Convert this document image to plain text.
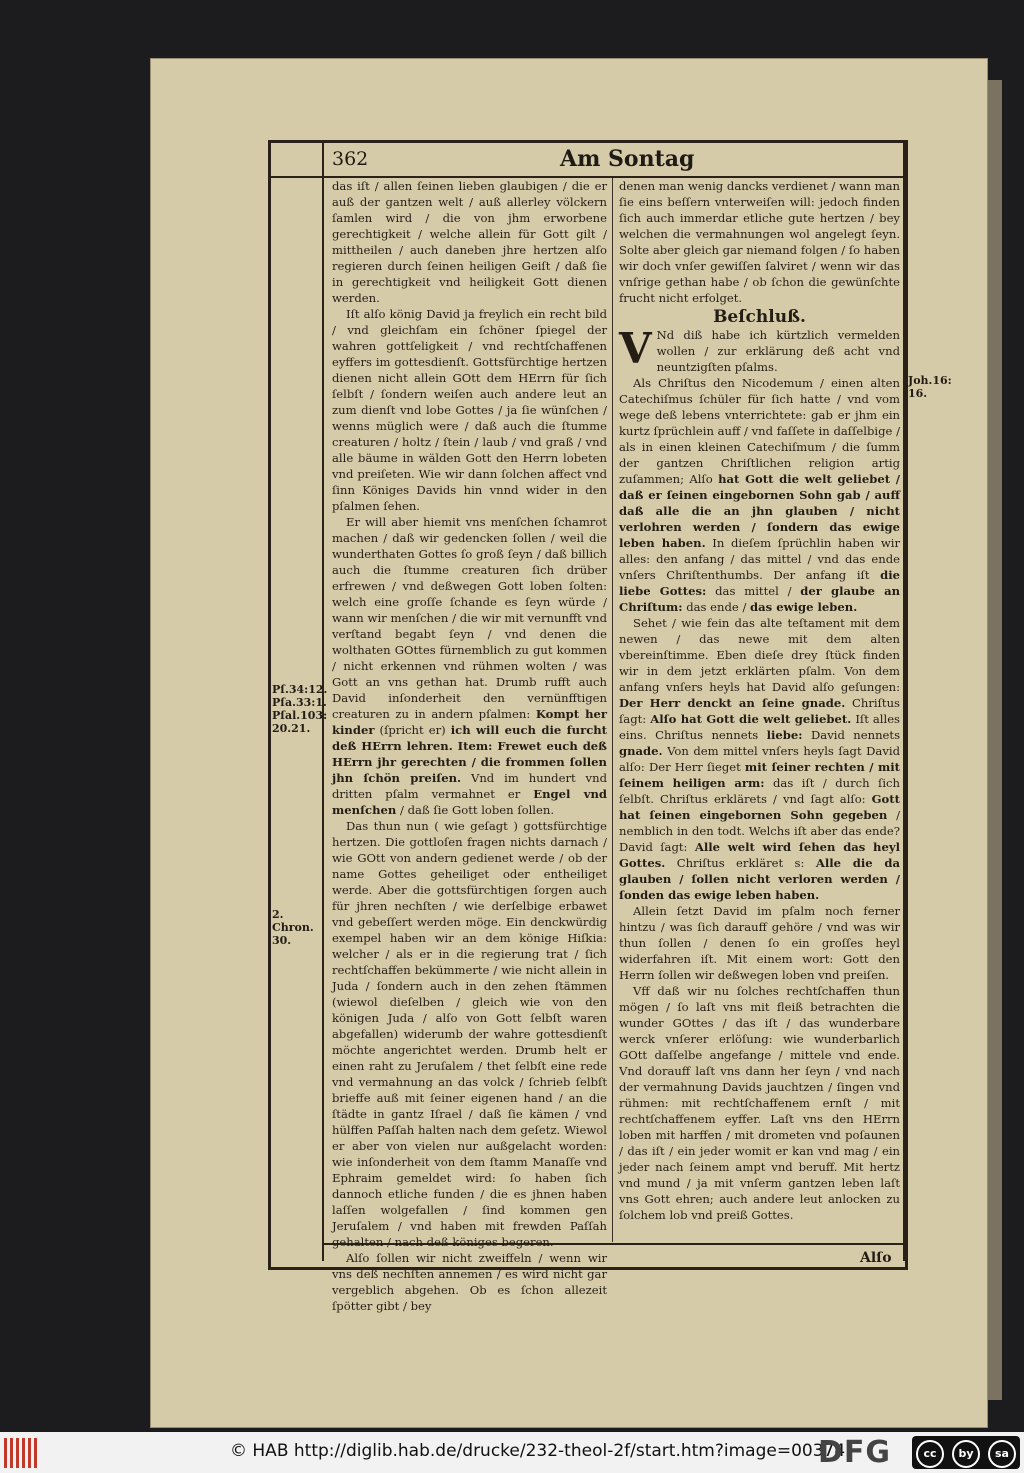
362	Am Sontag
Joh.16: 16.
Pſ.34:12. Pſa.33:1. Pſal.103: 20.21.
2. Chron. 30.

das iſt / allen ſeinen lieben glaubigen / die er auß der gantzen welt / auß allerley völckern ſamlen wird / die von jhm erworbene gerechtigkeit / welche allein für Gott gilt / mittheilen / auch daneben jhre hertzen alſo regieren durch ſeinen heiligen Geiſt / daß ſie in gerechtigkeit vnd heiligkeit Gott dienen werden.

Iſt alſo könig David ja freylich ein recht bild / vnd gleichſam ein ſchöner ſpiegel der wahren gottſeligkeit / vnd rechtſchaffenen eyffers im gottesdienſt. Gottsfürchtige hertzen dienen nicht allein GOtt dem HErrn für ſich ſelbſt / ſondern weiſen auch andere leut an zum dienſt vnd lobe Gottes / ja ſie wünſchen / wenns müglich were / daß auch die ſtumme creaturen / holtz / ſtein / laub / vnd graß / vnd alle bäume in wälden Gott den Herrn lobeten vnd preiſeten. Wie wir dann ſolchen affect vnd ſinn Königes Davids hin vnnd wider in den pſalmen ſehen.

Er will aber hiemit vns menſchen ſchamrot machen / daß wir gedencken ſollen / weil die wunderthaten Gottes ſo groß ſeyn / daß billich auch die ſtumme creaturen ſich drüber erfrewen / vnd deßwegen Gott loben ſolten: welch eine groſſe ſchande es ſeyn würde / wann wir menſchen / die wir mit vernunfft vnd verſtand begabt ſeyn / vnd denen die wolthaten GOttes fürnemblich zu gut kommen / nicht erkennen vnd rühmen wolten / was Gott an vns gethan hat. Drumb rufft auch David inſonderheit den vernünfftigen creaturen zu in andern pſalmen: Kompt her kinder (ſpricht er) ich will euch die furcht deß HErrn lehren. Item: Frewet euch deß HErrn jhr gerechten / die frommen ſollen jhn ſchön preiſen. Vnd im hundert vnd dritten pſalm vermahnet er Engel vnd menſchen / daß ſie Gott loben ſollen.

Das thun nun ( wie geſagt ) gottsfürchtige hertzen. Die gottloſen fragen nichts darnach / wie GOtt von andern gedienet werde / ob der name Gottes geheiliget oder entheiliget werde. Aber die gottsfürchtigen ſorgen auch für jhren nechſten / wie derſelbige erbawet vnd gebeſſert werden möge. Ein denckwürdig exempel haben wir an dem könige Hiſkia: welcher / als er in die regierung trat / ſich rechtſchaffen bekümmerte / wie nicht allein in Juda / ſondern auch in den zehen ſtämmen (wiewol dieſelben / gleich wie von den königen Juda / alſo von Gott ſelbſt waren abgefallen) widerumb der wahre gottesdienſt möchte angerichtet werden. Drumb helt er einen raht zu Jeruſalem / thet ſelbſt eine rede vnd vermahnung an das volck / ſchrieb ſelbſt brieffe auß mit ſeiner eigenen hand / an die ſtädte in gantz Iſrael / daß ſie kämen / vnd hülffen Paſſah halten nach dem geſetz. Wiewol er aber von vielen nur außgelacht worden: wie inſonderheit von dem ſtamm Manaſſe vnd Ephraim gemeldet wird: ſo haben ſich dannoch etliche funden / die es jhnen haben laſſen wolgefallen / ſind kommen gen Jeruſalem / vnd haben mit frewden Paſſah gehalten / nach deß königes begeren.

Alſo ſollen wir nicht zweiffeln / wenn wir vns deß nechſten annemen / es wird nicht gar vergeblich abgehen. Ob es ſchon allezeit ſpötter gibt / bey

denen man wenig dancks verdienet / wann man ſie eins beſſern vnterweiſen will: jedoch finden ſich auch immerdar etliche gute hertzen / bey welchen die vermahnungen wol angelegt ſeyn. Solte aber gleich gar niemand folgen / ſo haben wir doch vnſer gewiſſen ſalviret / wenn wir das vnſrige gethan habe / ob ſchon die gewünſchte frucht nicht erfolget.

Beſchluß.

V Nd diß habe ich kürtzlich vermelden wollen / zur erklärung deß acht vnd neuntzigſten pſalms.

Als Chriſtus den Nicodemum / einen alten Catechiſmus ſchüler für ſich hatte / vnd vom wege deß lebens vnterrichtete: gab er jhm ein kurtz ſprüchlein auff / vnd faſſete in daſſelbige / als in einen kleinen Catechiſmum / die ſumm der gantzen Chriſtlichen religion artig zuſammen; Alſo hat Gott die welt geliebet / daß er ſeinen eingebornen Sohn gab / auff daß alle die an jhn glauben / nicht verlohren werden / ſondern das ewige leben haben. In dieſem ſprüchlin haben wir alles: den anfang / das mittel / vnd das ende vnſers Chriſtenthumbs. Der anfang iſt die liebe Gottes: das mittel / der glaube an Chriſtum: das ende / das ewige leben.

Sehet / wie fein das alte teſtament mit dem newen / das newe mit dem alten vbereinſtimme. Eben dieſe drey ſtück finden wir in dem jetzt erklärten pſalm. Von dem anfang vnſers heyls hat David alſo geſungen: Der Herr denckt an ſeine gnade. Chriſtus ſagt: Alſo hat Gott die welt geliebet. Iſt alles eins. Chriſtus nennets liebe: David nennets gnade. Von dem mittel vnſers heyls ſagt David alſo: Der Herr ſieget mit ſeiner rechten / mit ſeinem heiligen arm: das iſt / durch ſich ſelbſt. Chriſtus erklärets / vnd ſagt alſo: Gott hat ſeinen eingebornen Sohn gegeben / nemblich in den todt. Welchs iſt aber das ende? David ſagt: Alle welt wird ſehen das heyl Gottes. Chriſtus erkläret s: Alle die da glauben / ſollen nicht verloren werden / ſonden das ewige leben haben.

Allein ſetzt David im pſalm noch ferner hintzu / was ſich darauff gehöre / vnd was wir thun ſollen / denen ſo ein groſſes heyl widerfahren iſt. Mit einem wort: Gott den Herrn ſollen wir deßwegen loben vnd preiſen.

Vff daß wir nu ſolches rechtſchaffen thun mögen / ſo laſt vns mit fleiß betrachten die wunder GOttes / das iſt / das wunderbare werck vnſerer erlöſung: wie wunderbarlich GOtt daſſelbe angefange / mittele vnd ende. Vnd dorauff laſt vns dann her ſeyn / vnd nach der vermahnung Davids jauchtzen / ſingen vnd rühmen: mit rechtſchaffenem ernſt / mit rechtſchaffenem eyffer. Laſt vns den HErrn loben mit harffen / mit drometen vnd poſaunen / das iſt / ein jeder womit er kan vnd mag / ein jeder nach ſeinem ampt vnd beruff. Mit hertz vnd mund / ja mit vnſerm gantzen leben laſt vns Gott ehren; auch andere leut anlocken zu ſolchem lob vnd preiß Gottes.

Alſo
© HAB http://diglib.hab.de/drucke/232-theol-2f/start.htm?image=00374
DFG	cc	by	sa
